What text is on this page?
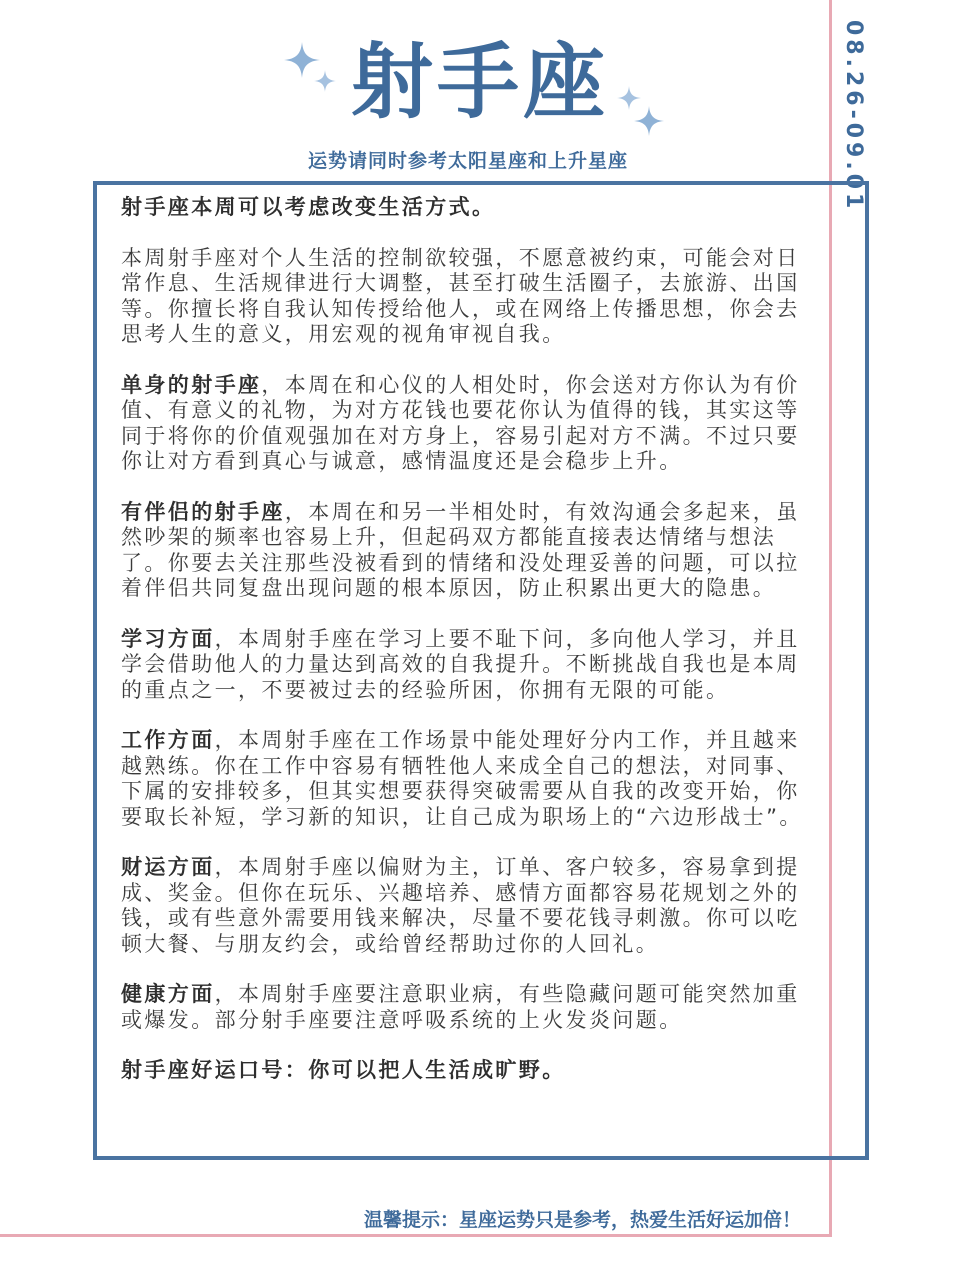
射手座
运势请同时参考太阳星座和上升星座	08.26-09.01

射手座本周可以考虑改变生活方式。

本周射手座对个人生活的控制欲较强，不愿意被约束，可能会对日常作息、生活规律进行大调整，甚至打破生活圈子，去旅游、出国等。你擅长将自我认知传授给他人，或在网络上传播思想，你会去思考人生的意义，用宏观的视角审视自我。

单身的射手座，本周在和心仪的人相处时，你会送对方你认为有价值、有意义的礼物，为对方花钱也要花你认为值得的钱，其实这等同于将你的价值观强加在对方身上，容易引起对方不满。不过只要你让对方看到真心与诚意，感情温度还是会稳步上升。

有伴侣的射手座，本周在和另一半相处时，有效沟通会多起来，虽然吵架的频率也容易上升，但起码双方都能直接表达情绪与想法了。你要去关注那些没被看到的情绪和没处理妥善的问题，可以拉着伴侣共同复盘出现问题的根本原因，防止积累出更大的隐患。

学习方面，本周射手座在学习上要不耻下问，多向他人学习，并且学会借助他人的力量达到高效的自我提升。不断挑战自我也是本周的重点之一，不要被过去的经验所困，你拥有无限的可能。

工作方面，本周射手座在工作场景中能处理好分内工作，并且越来越熟练。你在工作中容易有牺牲他人来成全自己的想法，对同事、下属的安排较多，但其实想要获得突破需要从自我的改变开始，你要取长补短，学习新的知识，让自己成为职场上的“六边形战士”。

财运方面，本周射手座以偏财为主，订单、客户较多，容易拿到提成、奖金。但你在玩乐、兴趣培养、感情方面都容易花规划之外的钱，或有些意外需要用钱来解决，尽量不要花钱寻刺激。你可以吃顿大餐、与朋友约会，或给曾经帮助过你的人回礼。

健康方面，本周射手座要注意职业病，有些隐藏问题可能突然加重或爆发。部分射手座要注意呼吸系统的上火发炎问题。

射手座好运口号：你可以把人生活成旷野。

温馨提示：星座运势只是参考，热爱生活好运加倍！
